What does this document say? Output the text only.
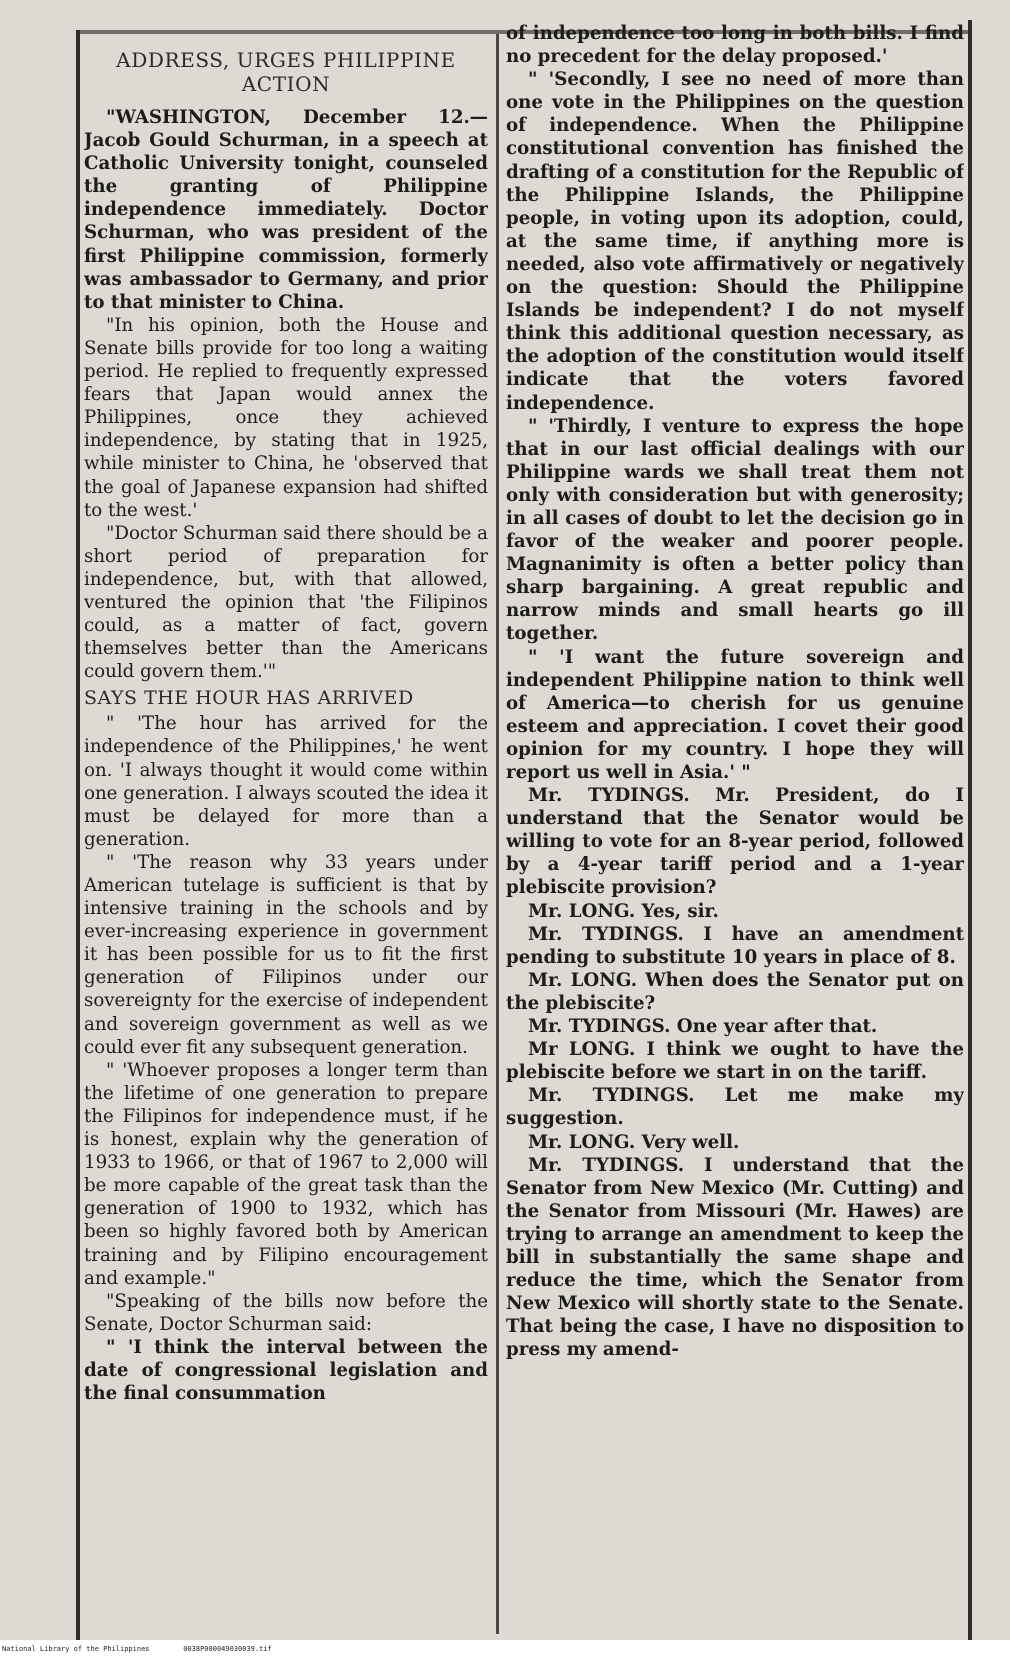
ADDRESS, URGES PHILIPPINE ACTION

"WASHINGTON, December 12.— Jacob Gould Schurman, in a speech at Catholic University tonight, counseled the granting of Philippine independence immediately. Doctor Schurman, who was president of the first Philippine commission, formerly was ambassador to Germany, and prior to that minister to China.

"In his opinion, both the House and Senate bills provide for too long a waiting period. He replied to frequently expressed fears that Japan would annex the Philippines, once they achieved independence, by stating that in 1925, while minister to China, he 'observed that the goal of Japanese expansion had shifted to the west.'

"Doctor Schurman said there should be a short period of preparation for independence, but, with that allowed, ventured the opinion that 'the Filipinos could, as a matter of fact, govern themselves better than the Americans could govern them.'"

SAYS THE HOUR HAS ARRIVED

" 'The hour has arrived for the independence of the Philippines,' he went on. 'I always thought it would come within one generation. I always scouted the idea it must be delayed for more than a generation.

" 'The reason why 33 years under American tutelage is sufficient is that by intensive training in the schools and by ever-increasing experience in government it has been possible for us to fit the first generation of Filipinos under our sovereignty for the exercise of independent and sovereign government as well as we could ever fit any subsequent generation.

" 'Whoever proposes a longer term than the lifetime of one generation to prepare the Filipinos for independence must, if he is honest, explain why the generation of 1933 to 1966, or that of 1967 to 2,000 will be more capable of the great task than the generation of 1900 to 1932, which has been so highly favored both by American training and by Filipino encouragement and example."

"Speaking of the bills now before the Senate, Doctor Schurman said:

" 'I think the interval between the date of congressional legislation and the final consummation

of independence too long in both bills. I find no precedent for the delay proposed.'

" 'Secondly, I see no need of more than one vote in the Philippines on the question of independence. When the Philippine constitutional convention has finished the drafting of a constitution for the Republic of the Philippine Islands, the Philippine people, in voting upon its adoption, could, at the same time, if anything more is needed, also vote affirmatively or negatively on the question: Should the Philippine Islands be independent? I do not myself think this additional question necessary, as the adoption of the constitution would itself indicate that the voters favored independence.

" 'Thirdly, I venture to express the hope that in our last official dealings with our Philippine wards we shall treat them not only with consideration but with generosity; in all cases of doubt to let the decision go in favor of the weaker and poorer people. Magnanimity is often a better policy than sharp bargaining. A great republic and narrow minds and small hearts go ill together.

" 'I want the future sovereign and independent Philippine nation to think well of America—to cherish for us genuine esteem and appreciation. I covet their good opinion for my country. I hope they will report us well in Asia.' "

Mr. TYDINGS. Mr. President, do I understand that the Senator would be willing to vote for an 8-year period, followed by a 4-year tariff period and a 1-year plebiscite provision?

Mr. LONG. Yes, sir.

Mr. TYDINGS. I have an amendment pending to substitute 10 years in place of 8.

Mr. LONG. When does the Senator put on the plebiscite?

Mr. TYDINGS. One year after that.

Mr LONG. I think we ought to have the plebiscite before we start in on the tariff.

Mr. TYDINGS. Let me make my suggestion.

Mr. LONG. Very well.

Mr. TYDINGS. I understand that the Senator from New Mexico (Mr. Cutting) and the Senator from Missouri (Mr. Hawes) are trying to arrange an amendment to keep the bill in substantially the same shape and reduce the time, which the Senator from New Mexico will shortly state to the Senate. That being the case, I have no disposition to press my amend-

National Library of the Philippines	0038P000049030039.tif
